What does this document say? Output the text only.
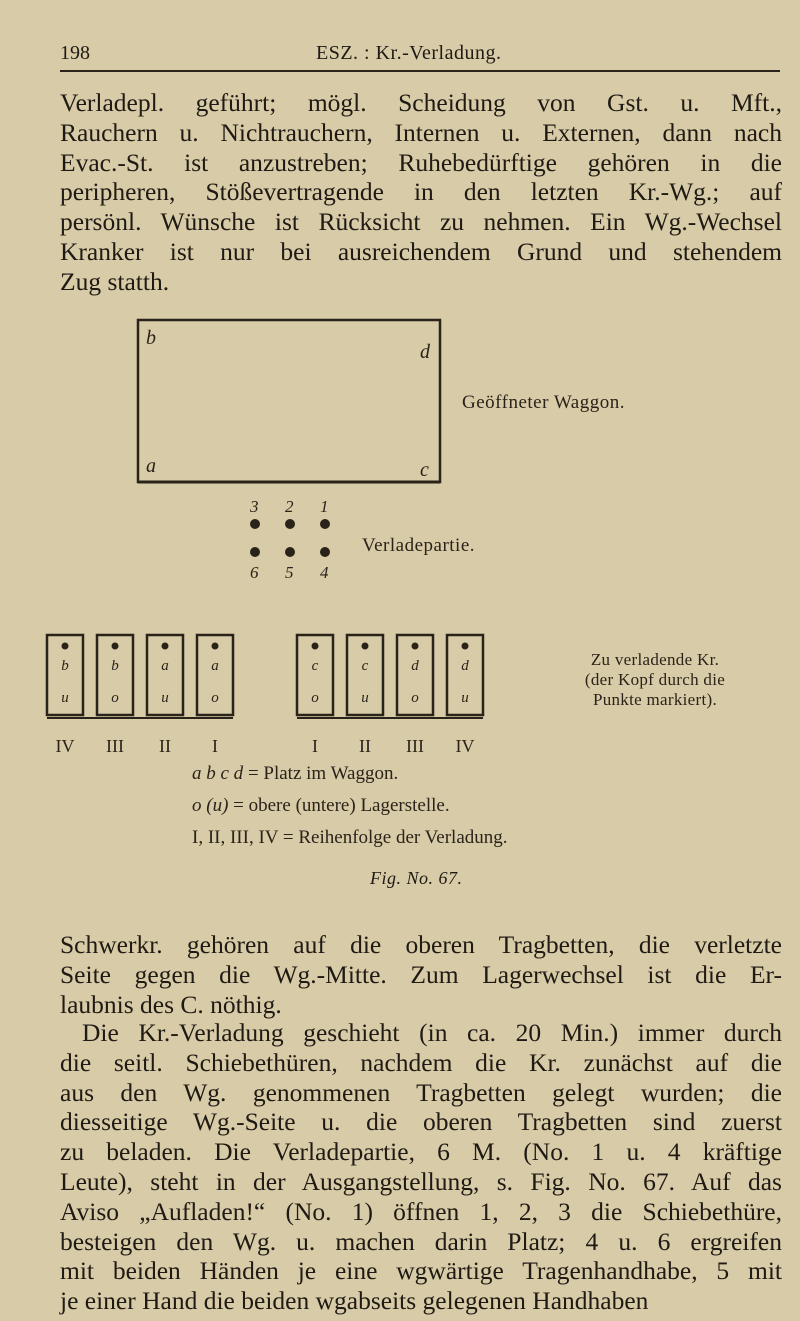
198	ESZ. : Kr.-Verladung.
Verladepl. geführt; mögl. Scheidung von Gst. u. Mft.,
Rauchern u. Nichtrauchern, Internen u. Externen, dann nach
Evac.-St. ist anzustreben; Ruhebedürftige gehören in die
peripheren, Stößevertragende in den letzten Kr.-Wg.; auf
persönl. Wünsche ist Rücksicht zu nehmen. Ein Wg.-Wechsel
Kranker ist nur bei ausreichendem Grund und stehendem
Zug statth.
b
d
a	c
3 2 1
6 5 4
b
u
b
o
a
u
a
o
c
o
c
u
d
o
d
u
IV III II I	I II III IV
Geöffneter Waggon.
Verladepartie.
Zu verladende Kr.
(der Kopf durch die
Punkte markiert).
a b c d = Platz im Waggon.
o (u) = obere (untere) Lagerstelle.
I, II, III, IV = Reihenfolge der Verladung.
Fig. No. 67.
Schwerkr. gehören auf die oberen Tragbetten, die verletzte
Seite gegen die Wg.-Mitte. Zum Lagerwechsel ist die Er-
laubnis des C. nöthig.
Die Kr.-Verladung geschieht (in ca. 20 Min.) immer durch
die seitl. Schiebethüren, nachdem die Kr. zunächst auf die
aus den Wg. genommenen Tragbetten gelegt wurden; die
diesseitige Wg.-Seite u. die oberen Tragbetten sind zuerst
zu beladen. Die Verladepartie, 6 M. (No. 1 u. 4 kräftige
Leute), steht in der Ausgangstellung, s. Fig. No. 67. Auf das
Aviso „Aufladen!“ (No. 1) öffnen 1, 2, 3 die Schiebethüre,
besteigen den Wg. u. machen darin Platz; 4 u. 6 ergreifen
mit beiden Händen je eine wgwärtige Tragenhandhabe, 5 mit
je einer Hand die beiden wgabseits gelegenen Handhaben
